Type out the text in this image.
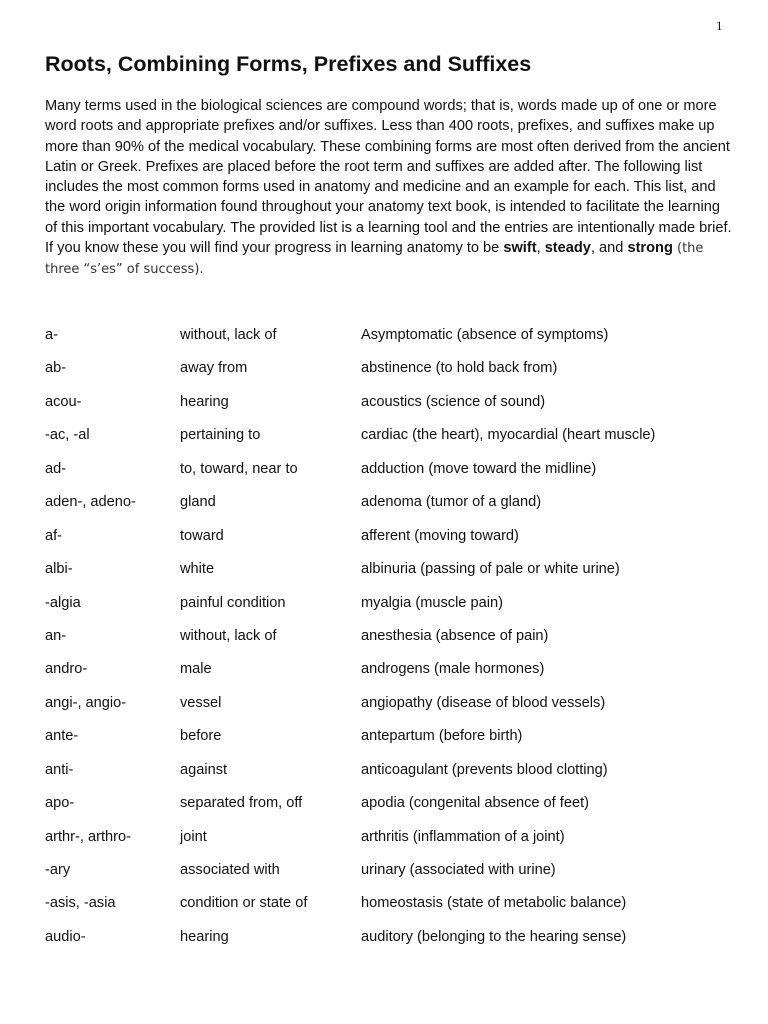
1
Roots, Combining Forms, Prefixes and Suffixes

Many terms used in the biological sciences are compound words; that is, words made up of one or more word roots and appropriate prefixes and/or suffixes. Less than 400 roots, prefixes, and suffixes make up more than 90% of the medical vocabulary. These combining forms are most often derived from the ancient Latin or Greek. Prefixes are placed before the root term and suffixes are added after. The following list includes the most common forms used in anatomy and medicine and an example for each. This list, and the word origin information found throughout your anatomy text book, is intended to facilitate the learning of this important vocabulary. The provided list is a learning tool and the entries are intentionally made brief. If you know these you will find your progress in learning anatomy to be swift, steady, and strong (the three “s’es” of success).

a-	without, lack of	Asymptomatic (absence of symptoms)
ab-	away from	abstinence (to hold back from)
acou-	hearing	acoustics (science of sound)
-ac, -al	pertaining to	cardiac (the heart), myocardial (heart muscle)
ad-	to, toward, near to	adduction (move toward the midline)
aden-, adeno-	gland	adenoma (tumor of a gland)
af-	toward	afferent (moving toward)
albi-	white	albinuria (passing of pale or white urine)
-algia	painful condition	myalgia (muscle pain)
an-	without, lack of	anesthesia (absence of pain)
andro-	male	androgens (male hormones)
angi-, angio-	vessel	angiopathy (disease of blood vessels)
ante-	before	antepartum (before birth)
anti-	against	anticoagulant (prevents blood clotting)
apo-	separated from, off	apodia (congenital absence of feet)
arthr-, arthro-	joint	arthritis (inflammation of a joint)
-ary	associated with	urinary (associated with urine)
-asis, -asia	condition or state of	homeostasis (state of metabolic balance)
audio-	hearing	auditory (belonging to the hearing sense)
